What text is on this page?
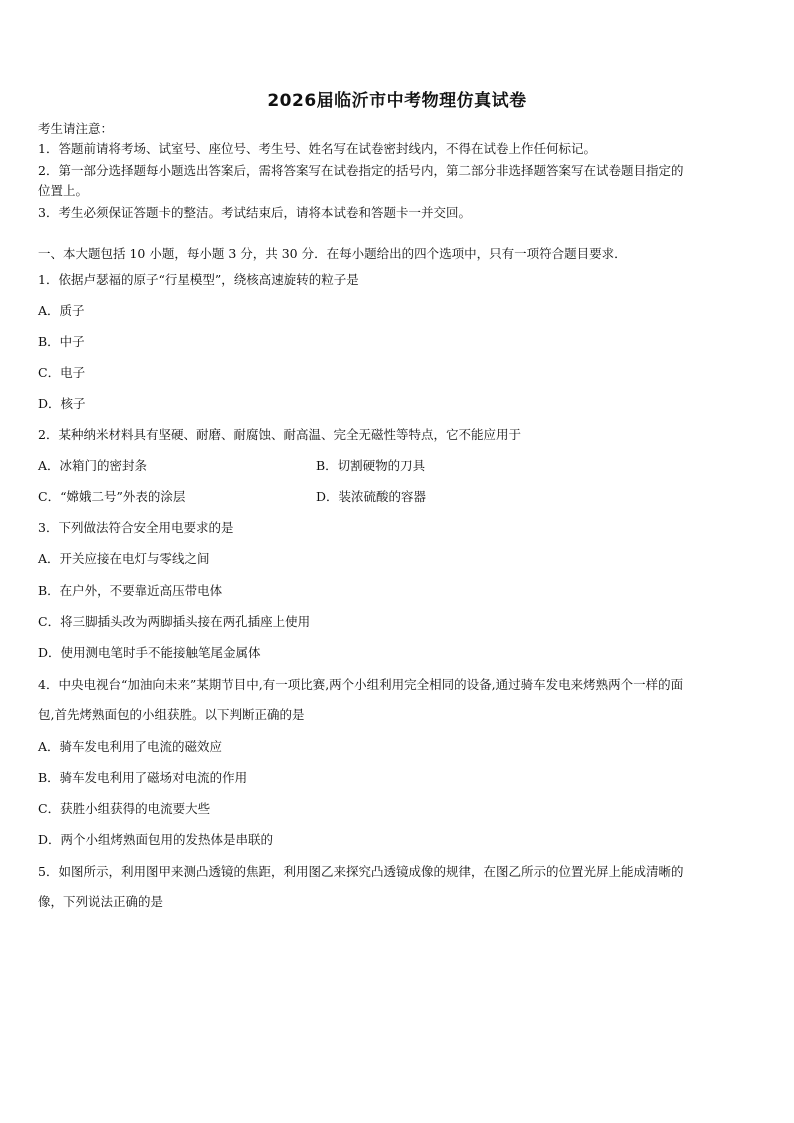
2026届临沂市中考物理仿真试卷
考生请注意：
1．答题前请将考场、试室号、座位号、考生号、姓名写在试卷密封线内，不得在试卷上作任何标记。
2．第一部分选择题每小题选出答案后，需将答案写在试卷指定的括号内，第二部分非选择题答案写在试卷题目指定的
位置上。
3．考生必须保证答题卡的整洁。考试结束后，请将本试卷和答题卡一并交回。
一、本大题包括 10 小题，每小题 3 分，共 30 分．在每小题给出的四个选项中，只有一项符合题目要求．
1．依据卢瑟福的原子“行星模型”，绕核高速旋转的粒子是
A．质子
B．中子
C．电子
D．核子
2．某种纳米材料具有坚硬、耐磨、耐腐蚀、耐高温、完全无磁性等特点，它不能应用于
A．冰箱门的密封条	B．切割硬物的刀具
C．“嫦娥二号”外表的涂层	D．装浓硫酸的容器
3．下列做法符合安全用电要求的是
A．开关应接在电灯与零线之间
B．在户外，不要靠近高压带电体
C．将三脚插头改为两脚插头接在两孔插座上使用
D．使用测电笔时手不能接触笔尾金属体
4．中央电视台“加油向未来”某期节目中,有一项比赛,两个小组利用完全相同的设备,通过骑车发电来烤熟两个一样的面
包,首先烤熟面包的小组获胜。以下判断正确的是
A．骑车发电利用了电流的磁效应
B．骑车发电利用了磁场对电流的作用
C．获胜小组获得的电流要大些
D．两个小组烤熟面包用的发热体是串联的
5．如图所示，利用图甲来测凸透镜的焦距，利用图乙来探究凸透镜成像的规律，在图乙所示的位置光屏上能成清晰的
像，下列说法正确的是
